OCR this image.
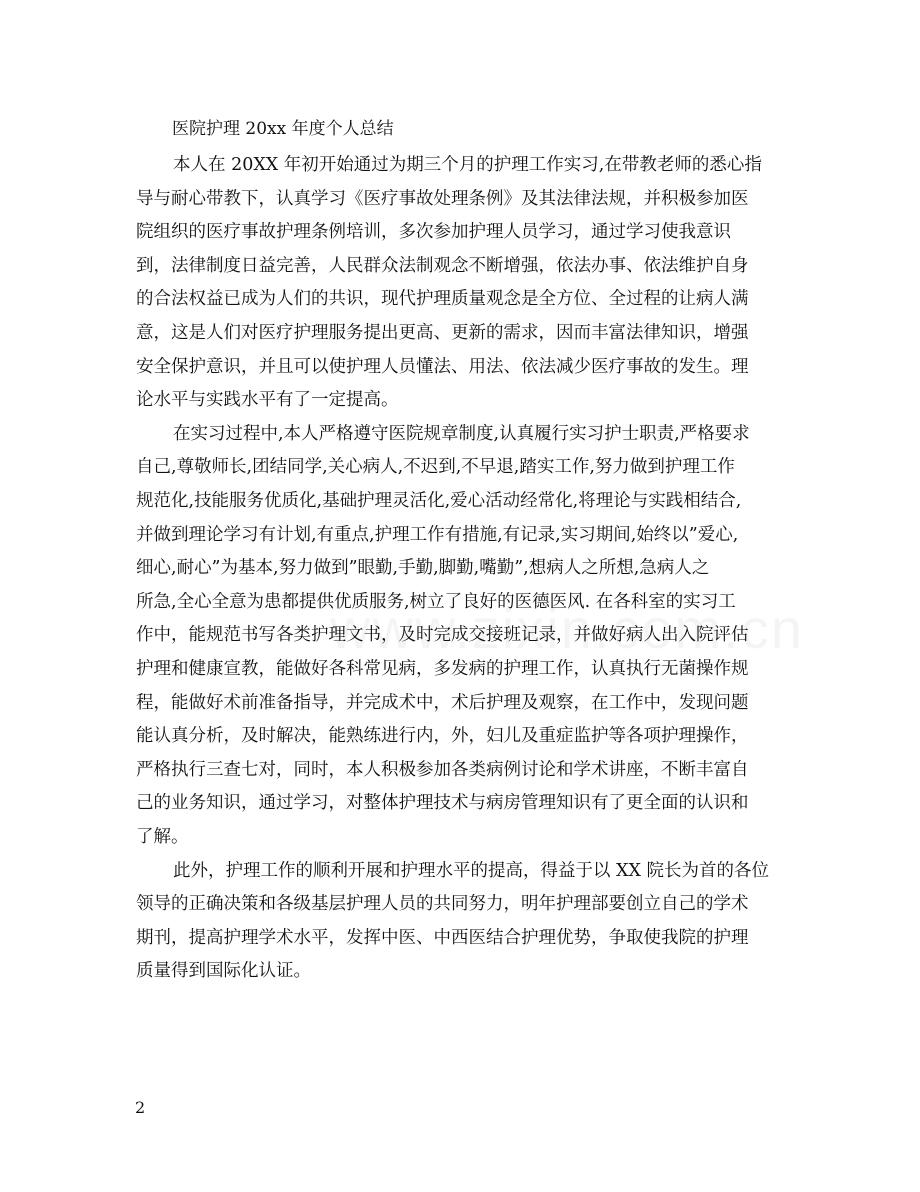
医院护理 20xx 年度个人总结
本人在 20XX 年初开始通过为期三个月的护理工作实习,在带教老师的悉心指
导与耐心带教下，认真学习《医疗事故处理条例》及其法律法规，并积极参加医
院组织的医疗事故护理条例培训，多次参加护理人员学习，通过学习使我意识
到，法律制度日益完善，人民群众法制观念不断增强，依法办事、依法维护自身
的合法权益已成为人们的共识，现代护理质量观念是全方位、全过程的让病人满
意，这是人们对医疗护理服务提出更高、更新的需求，因而丰富法律知识，增强
安全保护意识，并且可以使护理人员懂法、用法、依法减少医疗事故的发生。理
论水平与实践水平有了一定提高。
在实习过程中,本人严格遵守医院规章制度,认真履行实习护士职责,严格要求
自己,尊敬师长,团结同学,关心病人,不迟到,不早退,踏实工作,努力做到护理工作
规范化,技能服务优质化,基础护理灵活化,爱心活动经常化,将理论与实践相结合,
并做到理论学习有计划,有重点,护理工作有措施,有记录,实习期间,始终以”爱心,
细心,耐心”为基本,努力做到”眼勤,手勤,脚勤,嘴勤”,想病人之所想,急病人之
所急,全心全意为患都提供优质服务,树立了良好的医德医风. 在各科室的实习工
作中，能规范书写各类护理文书，及时完成交接班记录，并做好病人出入院评估
护理和健康宣教，能做好各科常见病，多发病的护理工作，认真执行无菌操作规
程，能做好术前准备指导，并完成术中，术后护理及观察，在工作中，发现问题
能认真分析，及时解决，能熟练进行内，外，妇儿及重症监护等各项护理操作，
严格执行三查七对，同时，本人积极参加各类病例讨论和学术讲座，不断丰富自
己的业务知识，通过学习，对整体护理技术与病房管理知识有了更全面的认识和
了解。
此外，护理工作的顺利开展和护理水平的提高，得益于以 XX 院长为首的各位
领导的正确决策和各级基层护理人员的共同努力，明年护理部要创立自己的学术
期刊，提高护理学术水平，发挥中医、中西医结合护理优势，争取使我院的护理
质量得到国际化认证。
2
